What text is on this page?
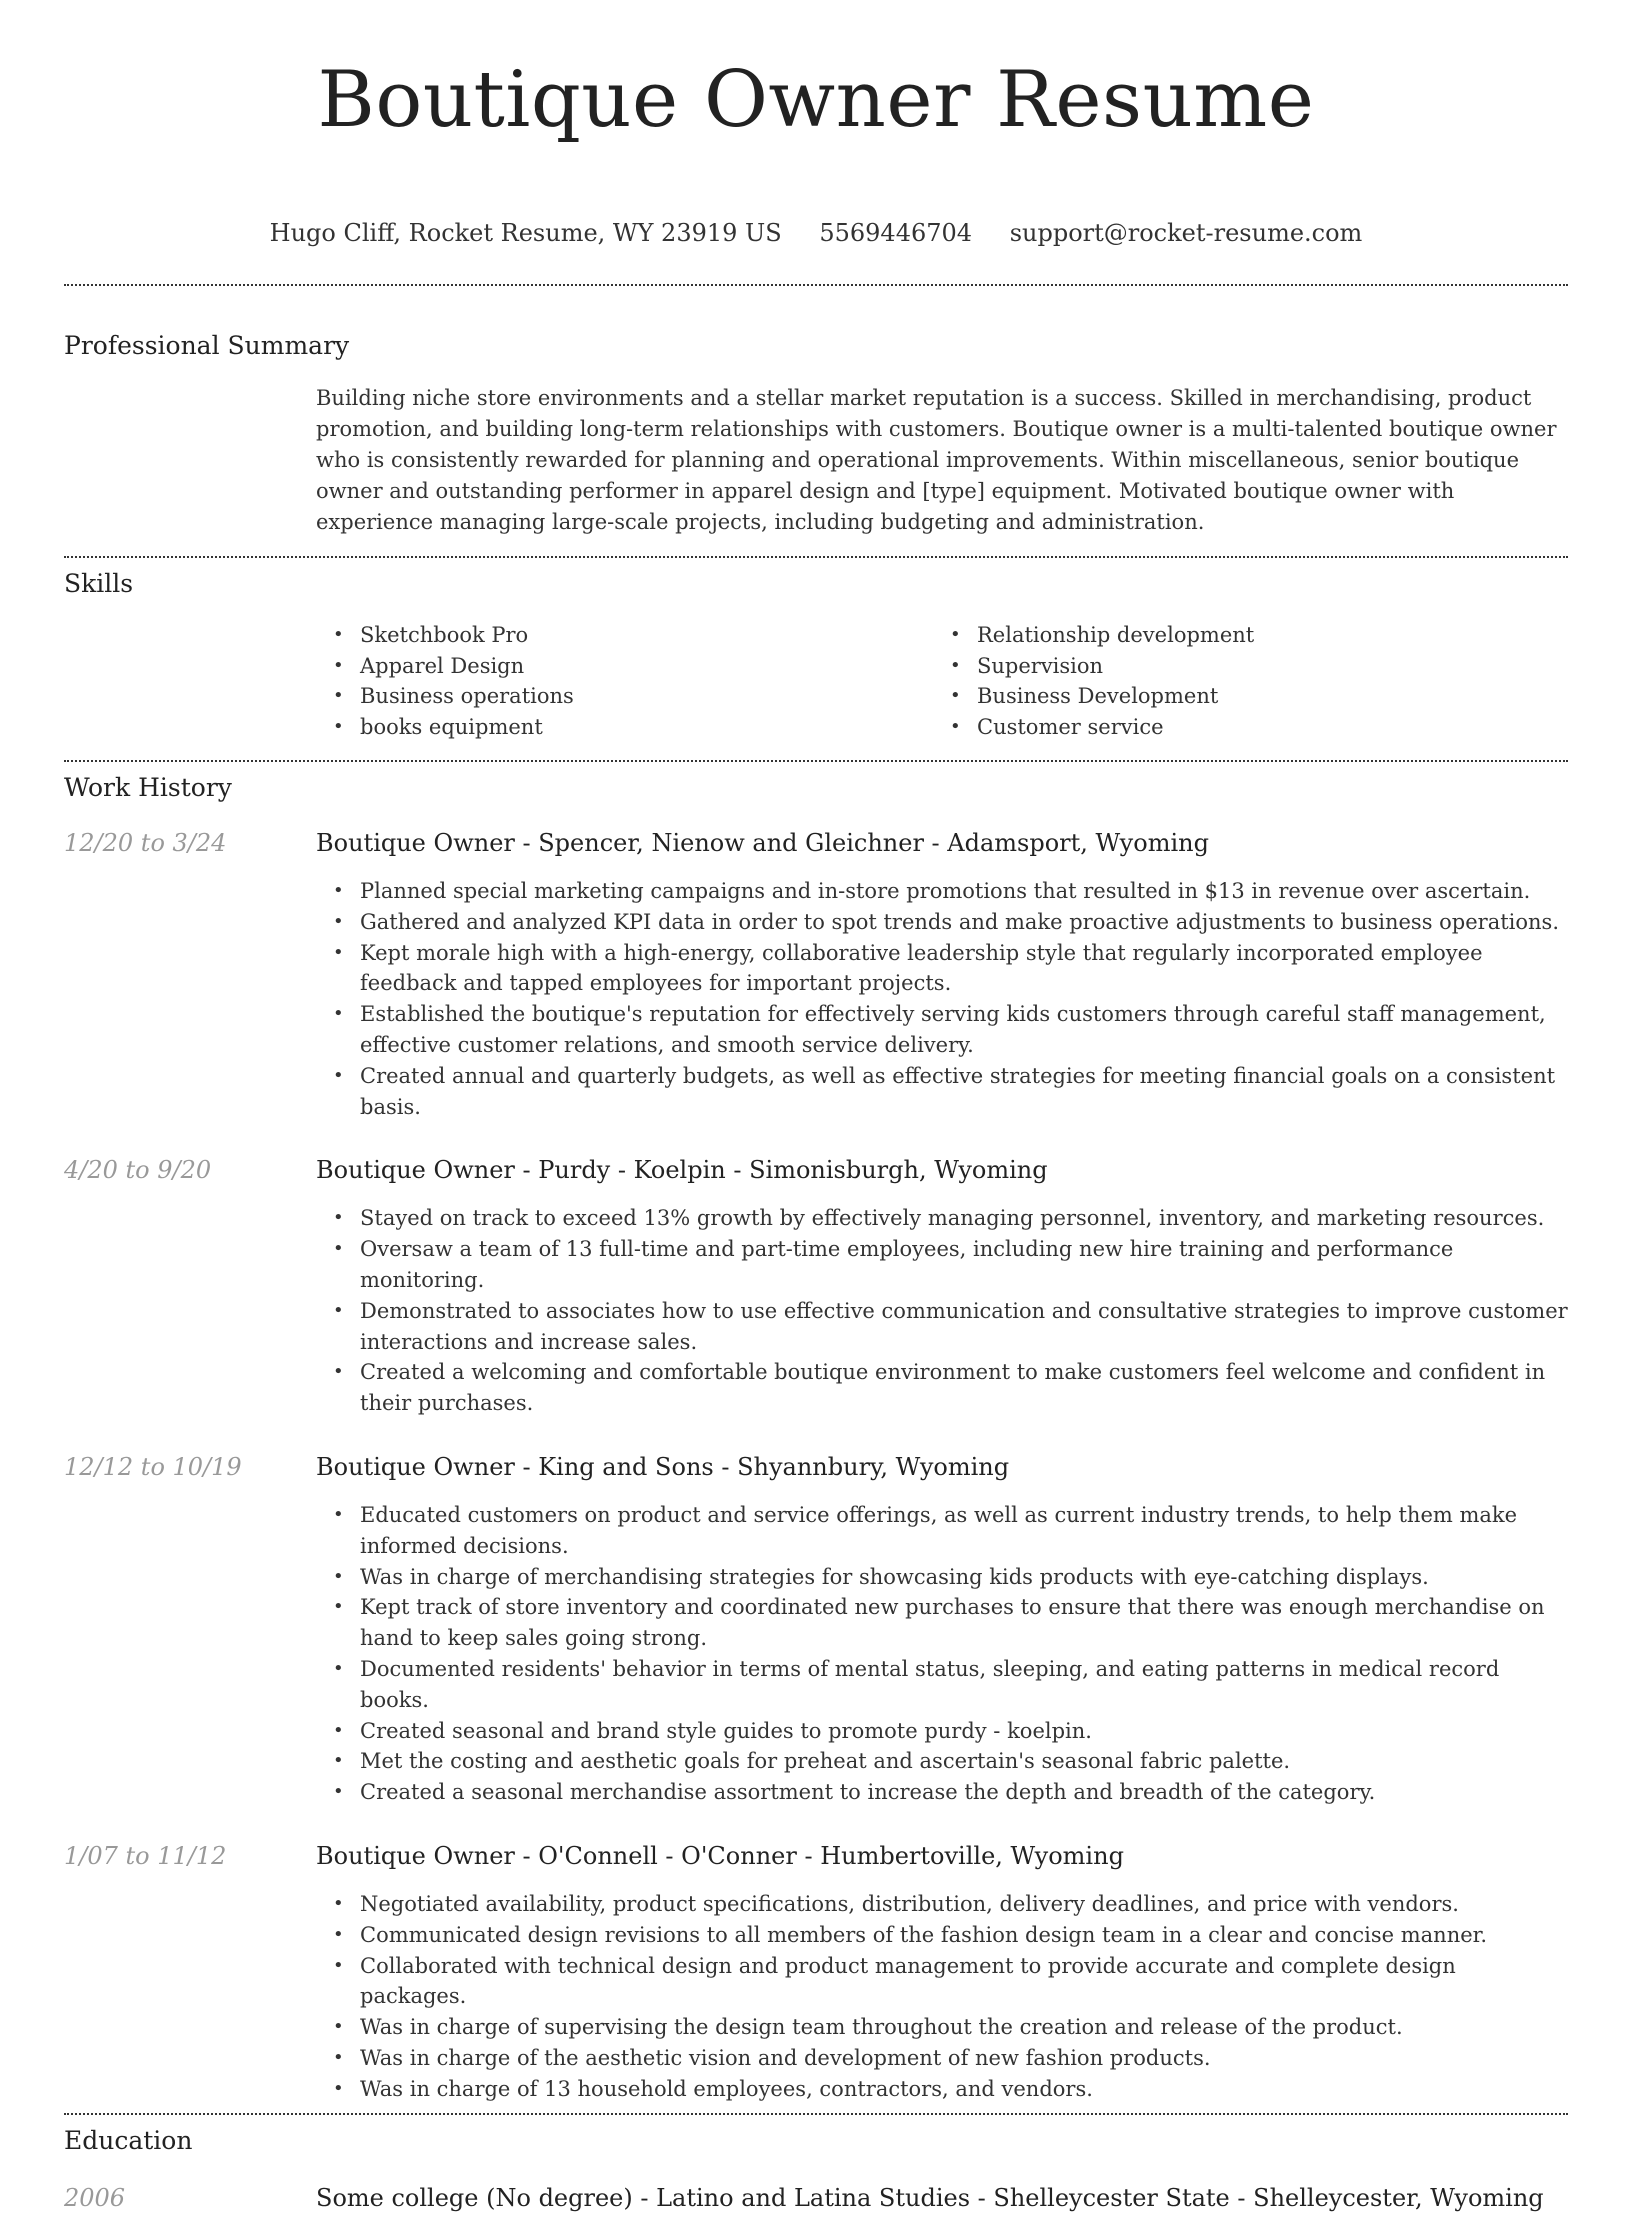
Boutique Owner Resume
Hugo Cliff, Rocket Resume, WY 23919 US 5569446704 support@rocket-resume.com
Professional Summary
Building niche store environments and a stellar market reputation is a success. Skilled in merchandising, product promotion, and building long-term relationships with customers. Boutique owner is a multi-talented boutique owner who is consistently rewarded for planning and operational improvements. Within miscellaneous, senior boutique owner and outstanding performer in apparel design and [type] equipment. Motivated boutique owner with experience managing large-scale projects, including budgeting and administration.
Skills
• Sketchbook Pro
• Apparel Design
• Business operations
• books equipment
• Relationship development
• Supervision
• Business Development
• Customer service
Work History
12/20 to 3/24	Boutique Owner - Spencer, Nienow and Gleichner - Adamsport, Wyoming
• Planned special marketing campaigns and in-store promotions that resulted in $13 in revenue over ascertain.
• Gathered and analyzed KPI data in order to spot trends and make proactive adjustments to business operations.
• Kept morale high with a high-energy, collaborative leadership style that regularly incorporated employee feedback and tapped employees for important projects.
• Established the boutique's reputation for effectively serving kids customers through careful staff management, effective customer relations, and smooth service delivery.
• Created annual and quarterly budgets, as well as effective strategies for meeting financial goals on a consistent basis.
4/20 to 9/20	Boutique Owner - Purdy - Koelpin - Simonisburgh, Wyoming
• Stayed on track to exceed 13% growth by effectively managing personnel, inventory, and marketing resources.
• Oversaw a team of 13 full-time and part-time employees, including new hire training and performance monitoring.
• Demonstrated to associates how to use effective communication and consultative strategies to improve customer interactions and increase sales.
• Created a welcoming and comfortable boutique environment to make customers feel welcome and confident in their purchases.
12/12 to 10/19	Boutique Owner - King and Sons - Shyannbury, Wyoming
• Educated customers on product and service offerings, as well as current industry trends, to help them make informed decisions.
• Was in charge of merchandising strategies for showcasing kids products with eye-catching displays.
• Kept track of store inventory and coordinated new purchases to ensure that there was enough merchandise on hand to keep sales going strong.
• Documented residents' behavior in terms of mental status, sleeping, and eating patterns in medical record books.
• Created seasonal and brand style guides to promote purdy - koelpin.
• Met the costing and aesthetic goals for preheat and ascertain's seasonal fabric palette.
• Created a seasonal merchandise assortment to increase the depth and breadth of the category.
1/07 to 11/12	Boutique Owner - O'Connell - O'Conner - Humbertoville, Wyoming
• Negotiated availability, product specifications, distribution, delivery deadlines, and price with vendors.
• Communicated design revisions to all members of the fashion design team in a clear and concise manner.
• Collaborated with technical design and product management to provide accurate and complete design packages.
• Was in charge of supervising the design team throughout the creation and release of the product.
• Was in charge of the aesthetic vision and development of new fashion products.
• Was in charge of 13 household employees, contractors, and vendors.
Education
2006	Some college (No degree) - Latino and Latina Studies - Shelleycester State - Shelleycester, Wyoming
